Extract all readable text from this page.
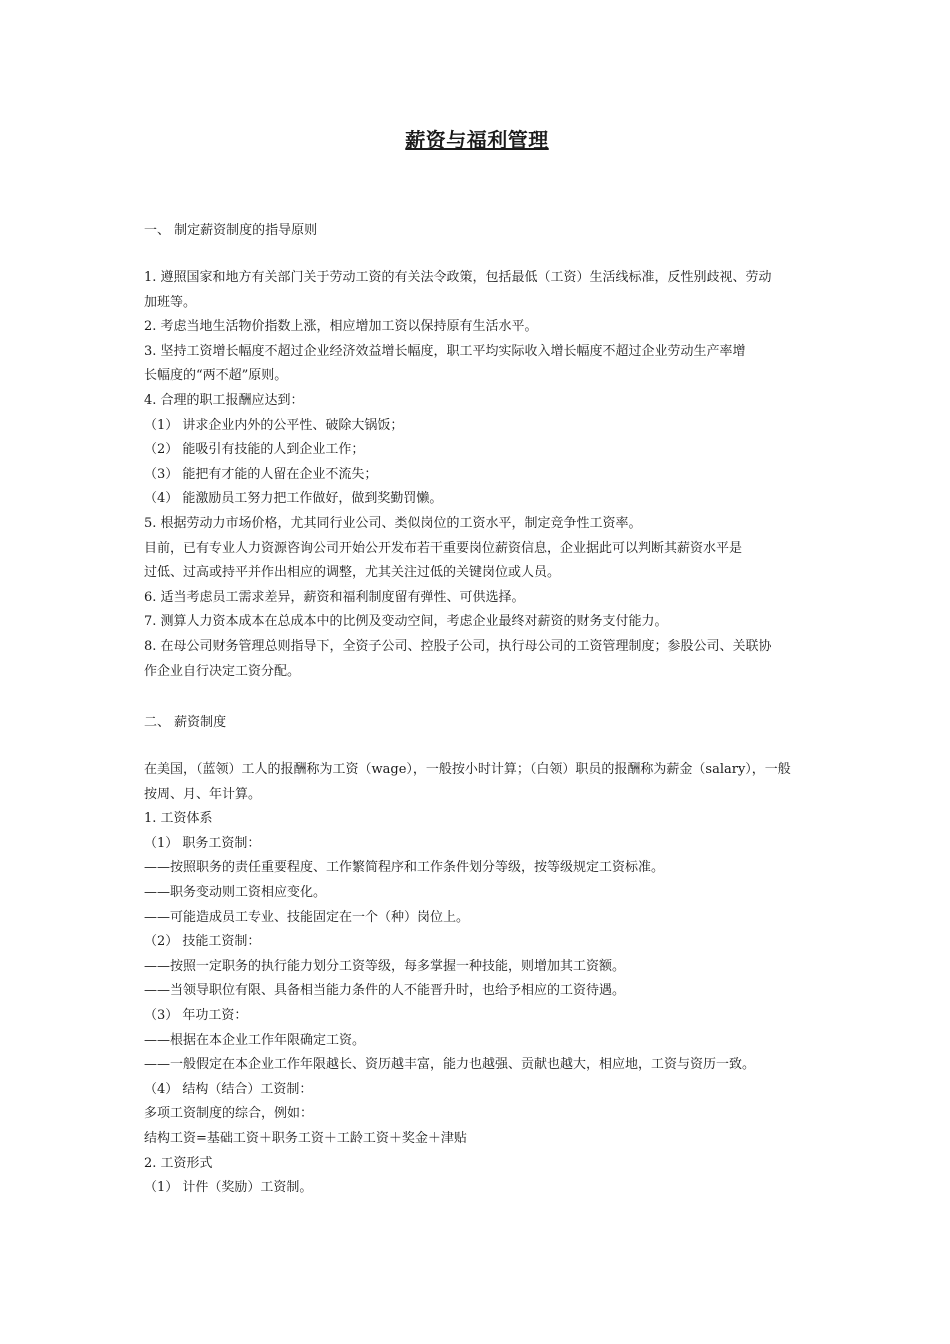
薪资与福利管理
一、 制定薪资制度的指导原则
1. 遵照国家和地方有关部门关于劳动工资的有关法令政策，包括最低（工资）生活线标准，反性别歧视、劳动
加班等。
2. 考虑当地生活物价指数上涨，相应增加工资以保持原有生活水平。
3. 坚持工资增长幅度不超过企业经济效益增长幅度，职工平均实际收入增长幅度不超过企业劳动生产率增
长幅度的“两不超”原则。
4. 合理的职工报酬应达到：
（1） 讲求企业内外的公平性、破除大锅饭；
（2） 能吸引有技能的人到企业工作；
（3） 能把有才能的人留在企业不流失；
（4） 能激励员工努力把工作做好，做到奖勤罚懒。
5. 根据劳动力市场价格，尤其同行业公司、类似岗位的工资水平，制定竞争性工资率。
目前，已有专业人力资源咨询公司开始公开发布若干重要岗位薪资信息，企业据此可以判断其薪资水平是
过低、过高或持平并作出相应的调整，尤其关注过低的关键岗位或人员。
6. 适当考虑员工需求差异，薪资和福利制度留有弹性、可供选择。
7. 测算人力资本成本在总成本中的比例及变动空间，考虑企业最终对薪资的财务支付能力。
8. 在母公司财务管理总则指导下，全资子公司、控股子公司，执行母公司的工资管理制度；参股公司、关联协
作企业自行决定工资分配。
二、 薪资制度
在美国，（蓝领）工人的报酬称为工资（wage），一般按小时计算；（白领）职员的报酬称为薪金（salary），一般
按周、月、年计算。
1. 工资体系
（1） 职务工资制：
——按照职务的责任重要程度、工作繁简程序和工作条件划分等级，按等级规定工资标准。
——职务变动则工资相应变化。
——可能造成员工专业、技能固定在一个（种）岗位上。
（2） 技能工资制：
——按照一定职务的执行能力划分工资等级，每多掌握一种技能，则增加其工资额。
——当领导职位有限、具备相当能力条件的人不能晋升时，也给予相应的工资待遇。
（3） 年功工资：
——根据在本企业工作年限确定工资。
——一般假定在本企业工作年限越长、资历越丰富，能力也越强、贡献也越大，相应地，工资与资历一致。
（4） 结构（结合）工资制：
多项工资制度的综合，例如：
结构工资=基础工资＋职务工资＋工龄工资＋奖金＋津贴
2. 工资形式
（1） 计件（奖励）工资制。
